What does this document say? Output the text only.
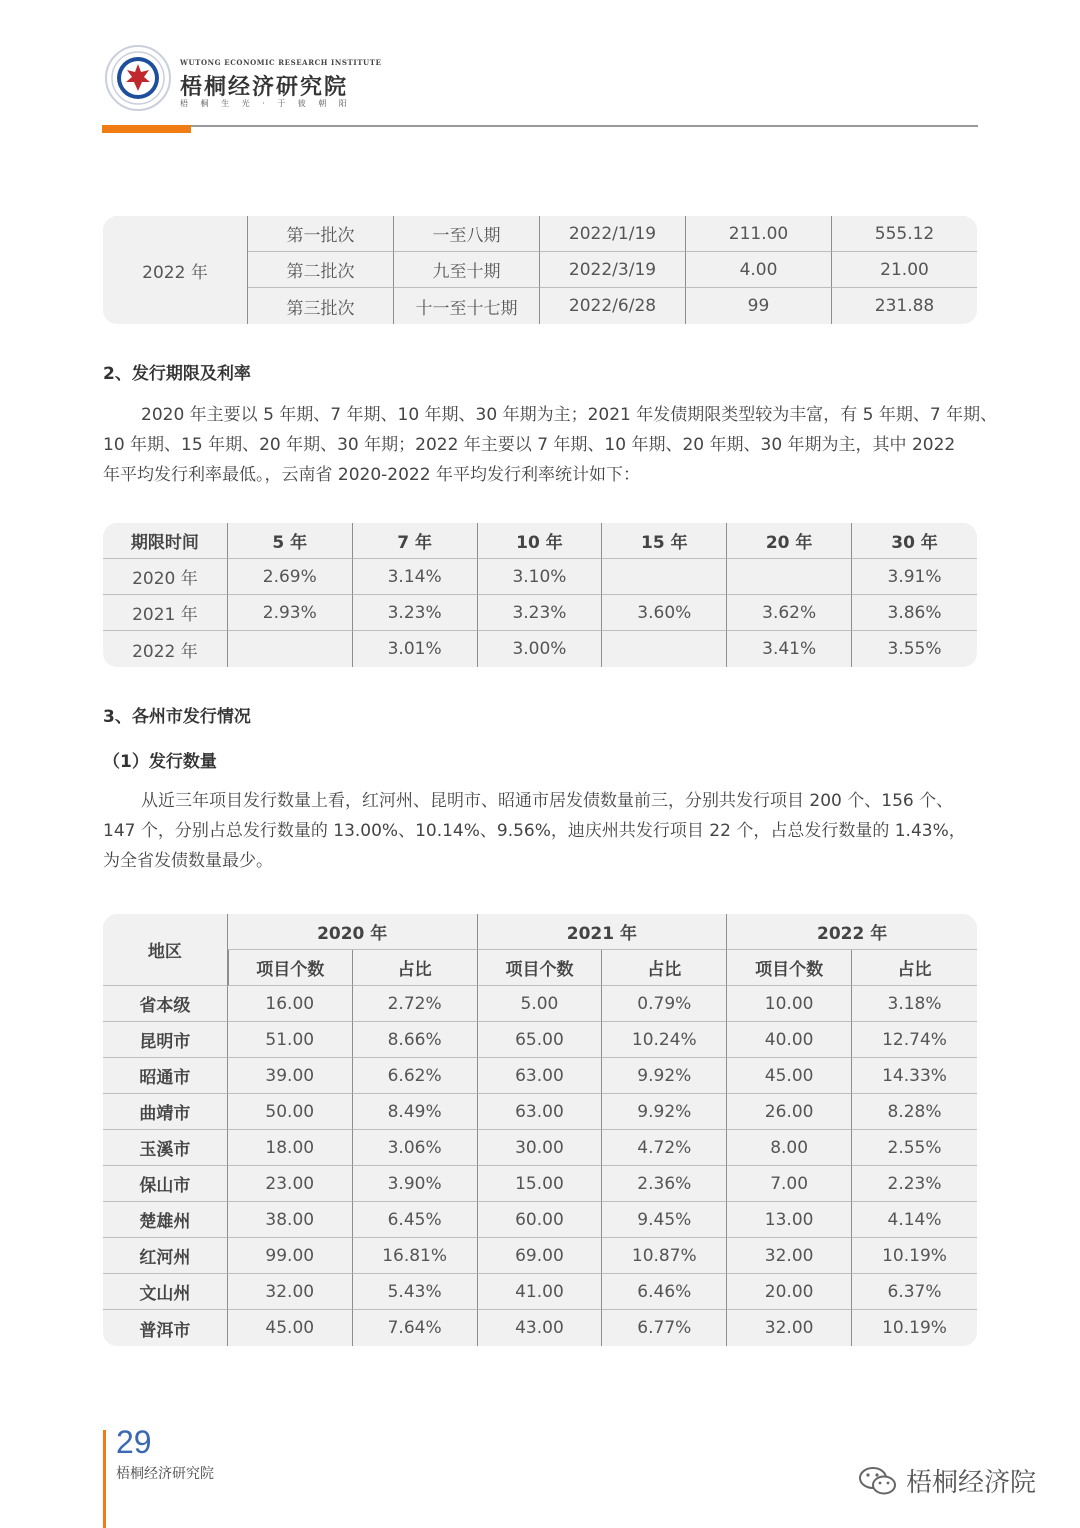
WUTONG ECONOMIC RESEARCH INSTITUTE
梧桐经济研究院
梧 桐 生 光 · 于 彼 朝 阳
2022 年	第一批次	一至八期	2022/1/19	211.00	555.12
	第二批次	九至十期	2022/3/19	4.00	21.00
	第三批次	十一至十七期	2022/6/28	99	231.88
2、发行期限及利率
2020 年主要以 5 年期、7 年期、10 年期、30 年期为主；2021 年发债期限类型较为丰富，有 5 年期、7 年期、
10 年期、15 年期、20 年期、30 年期；2022 年主要以 7 年期、10 年期、20 年期、30 年期为主，其中 2022
年平均发行利率最低。，云南省 2020-2022 年平均发行利率统计如下：
期限时间	5 年	7 年	10 年	15 年	20 年	30 年
2020 年	2.69%	3.14%	3.10%			3.91%
2021 年	2.93%	3.23%	3.23%	3.60%	3.62%	3.86%
2022 年		3.01%	3.00%		3.41%	3.55%
3、各州市发行情况
（1）发行数量
从近三年项目发行数量上看，红河州、昆明市、昭通市居发债数量前三，分别共发行项目 200 个、156 个、
147 个，分别占总发行数量的 13.00%、10.14%、9.56%，迪庆州共发行项目 22 个，占总发行数量的 1.43%，
为全省发债数量最少。
地区	2020 年		2021 年		2022 年	
	项目个数	占比	项目个数	占比	项目个数	占比
省本级	16.00	2.72%	5.00	0.79%	10.00	3.18%
昆明市	51.00	8.66%	65.00	10.24%	40.00	12.74%
昭通市	39.00	6.62%	63.00	9.92%	45.00	14.33%
曲靖市	50.00	8.49%	63.00	9.92%	26.00	8.28%
玉溪市	18.00	3.06%	30.00	4.72%	8.00	2.55%
保山市	23.00	3.90%	15.00	2.36%	7.00	2.23%
楚雄州	38.00	6.45%	60.00	9.45%	13.00	4.14%
红河州	99.00	16.81%	69.00	10.87%	32.00	10.19%
文山州	32.00	5.43%	41.00	6.46%	20.00	6.37%
普洱市	45.00	7.64%	43.00	6.77%	32.00	10.19%
29
梧桐经济研究院	梧桐经济院
